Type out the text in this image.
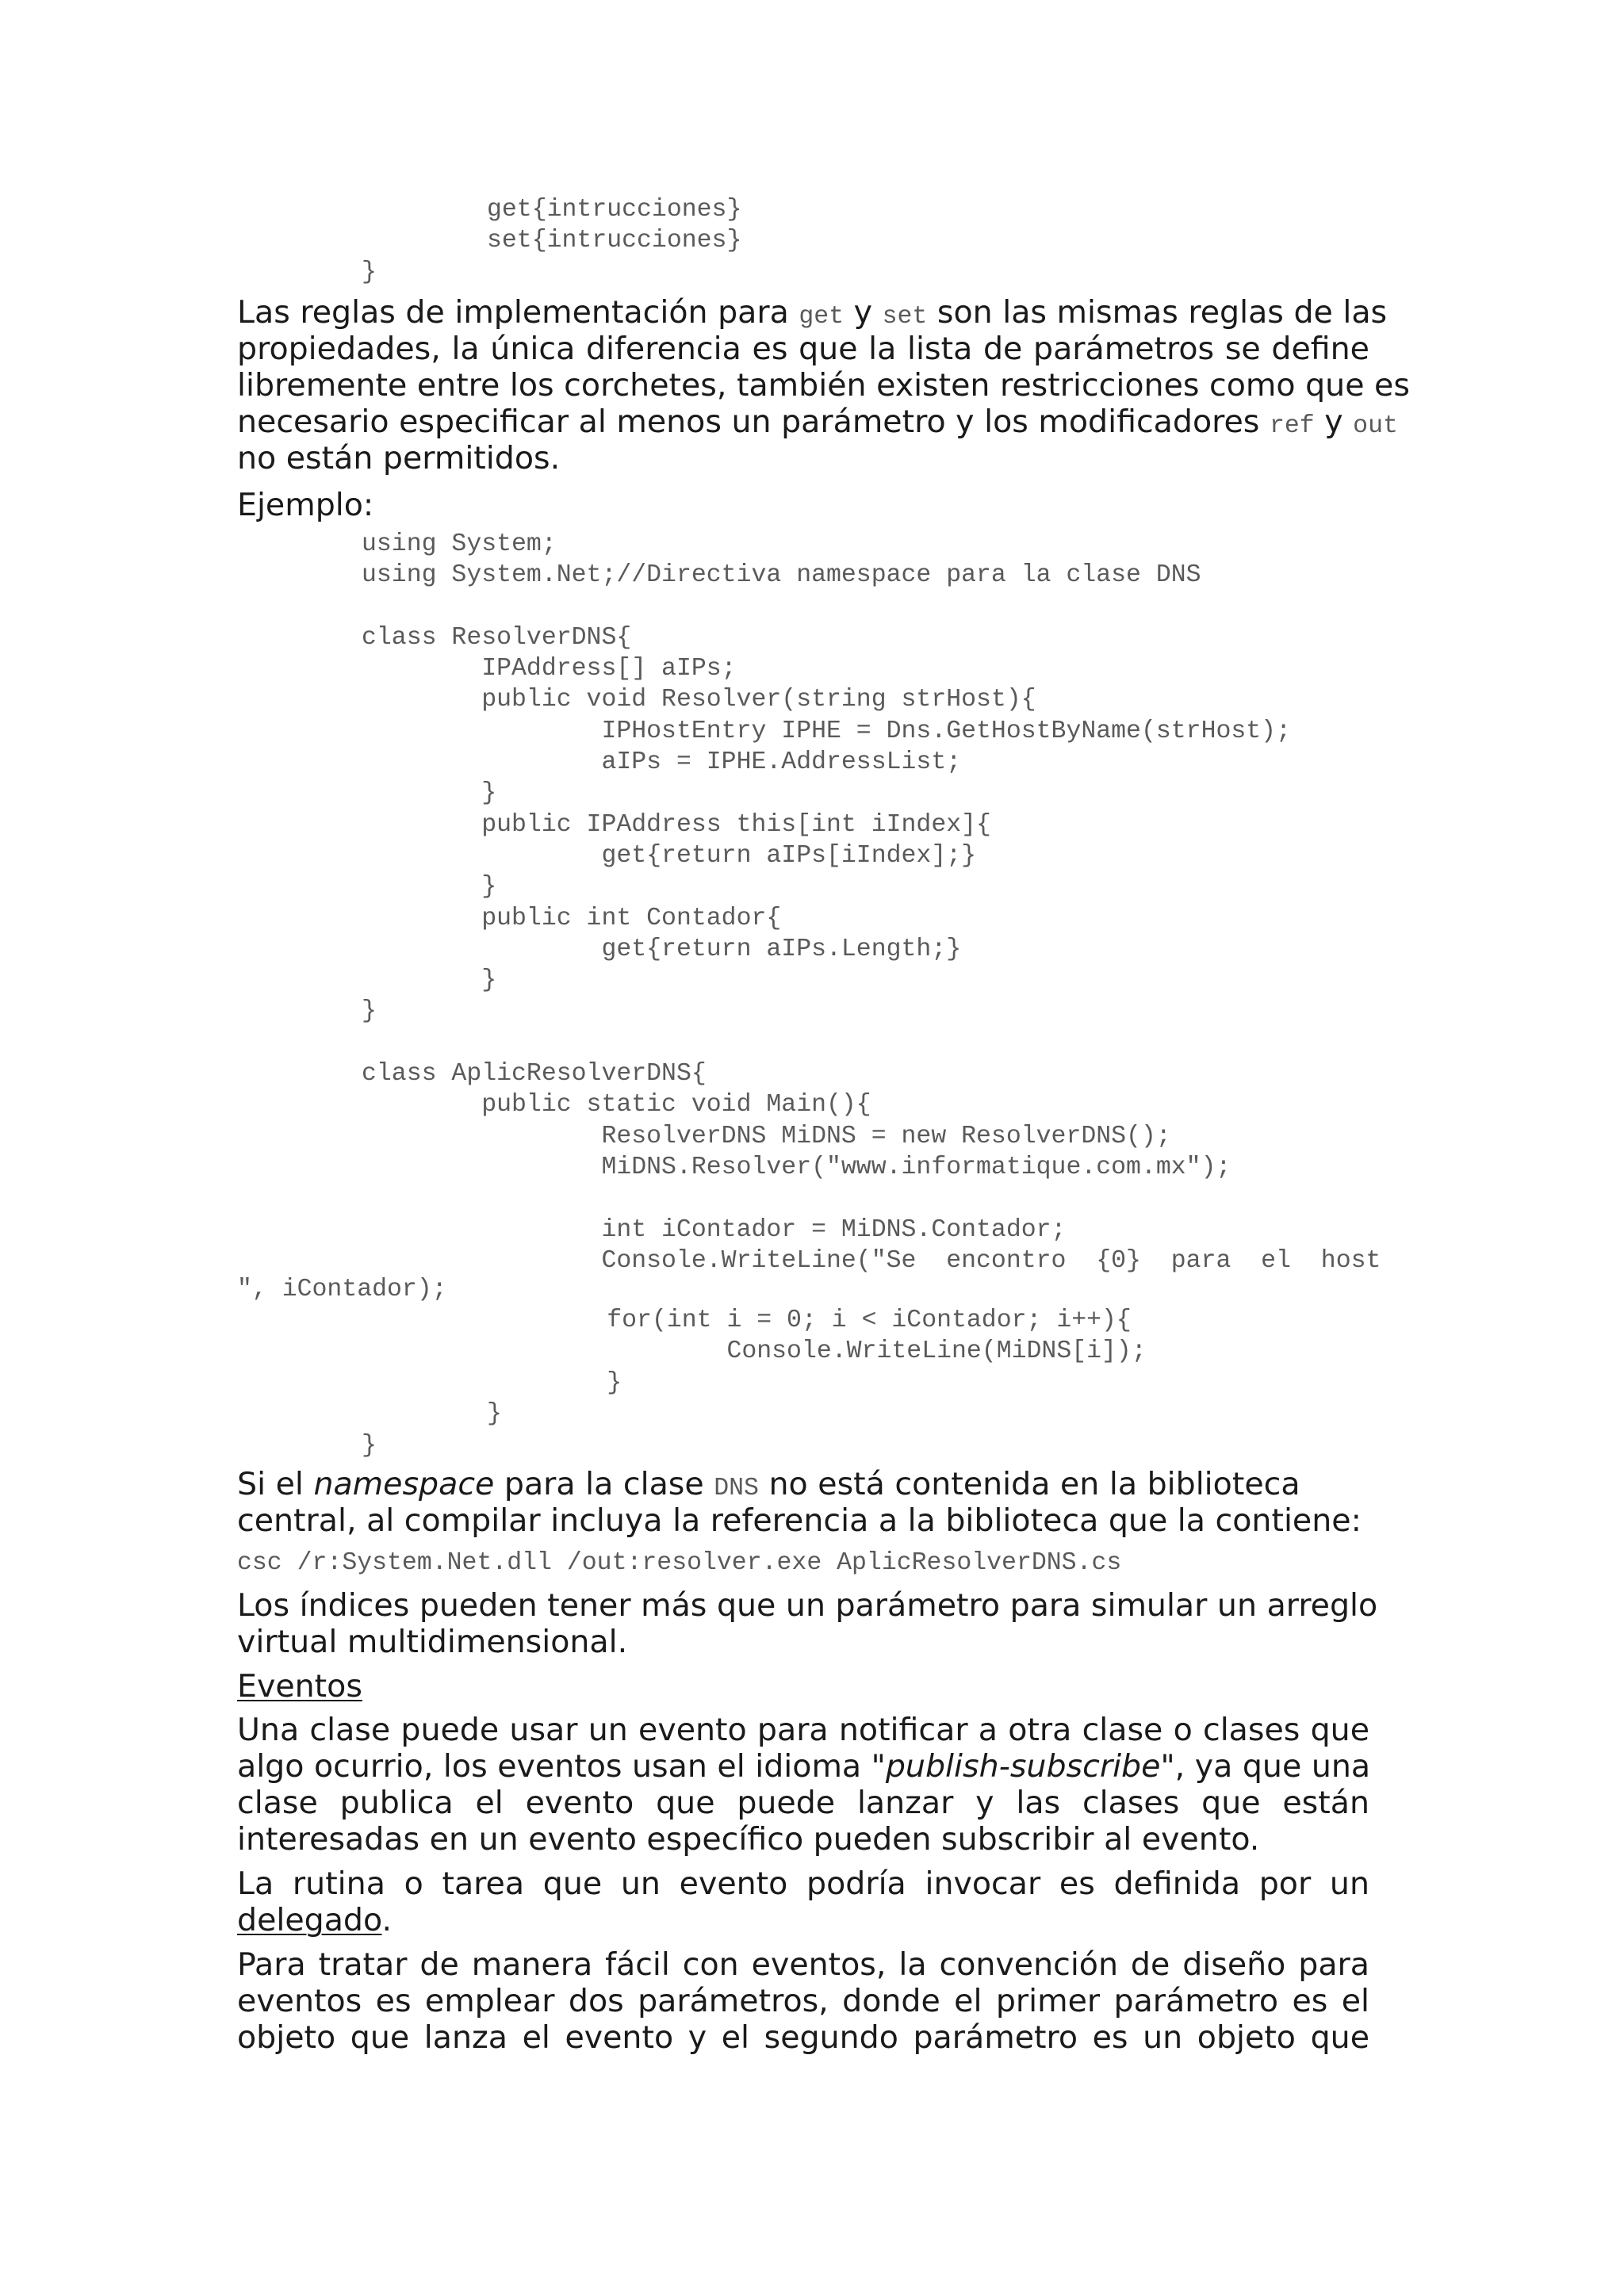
get{intrucciones}
set{intrucciones}
}
Las reglas de implementación para get y set son las mismas reglas de las
propiedades, la única diferencia es que la lista de parámetros se define
libremente entre los corchetes, también existen restricciones como que es
necesario especificar al menos un parámetro y los modificadores ref y out
no están permitidos.
Ejemplo:
using System;
using System.Net;//Directiva namespace para la clase DNS

class ResolverDNS{
IPAddress[] aIPs;
public void Resolver(string strHost){
IPHostEntry IPHE = Dns.GetHostByName(strHost);
aIPs = IPHE.AddressList;
}
public IPAddress this[int iIndex]{
get{return aIPs[iIndex];}
}
public int Contador{
get{return aIPs.Length;}
}
}

class AplicResolverDNS{
public static void Main(){
ResolverDNS MiDNS = new ResolverDNS();
MiDNS.Resolver("www.informatique.com.mx");

int iContador = MiDNS.Contador;
Console.WriteLine("Se  encontro  {0}  para  el  host
", iContador);
for(int i = 0; i < iContador; i++){
Console.WriteLine(MiDNS[i]);
}
}
}
Si el namespace para la clase DNS no está contenida en la biblioteca
central, al compilar incluya la referencia a la biblioteca que la contiene:
csc /r:System.Net.dll /out:resolver.exe AplicResolverDNS.cs
Los índices pueden tener más que un parámetro para simular un arreglo
virtual multidimensional.
Eventos
Una clase puede usar un evento para notificar a otra clase o clases que
algo ocurrio, los eventos usan el idioma "publish-subscribe", ya que una
clase publica el evento que puede lanzar y las clases que están
interesadas en un evento específico pueden subscribir al evento.
La rutina o tarea que un evento podría invocar es definida por un
delegado.
Para tratar de manera fácil con eventos, la convención de diseño para
eventos es emplear dos parámetros, donde el primer parámetro es el
objeto que lanza el evento y el segundo parámetro es un objeto que
